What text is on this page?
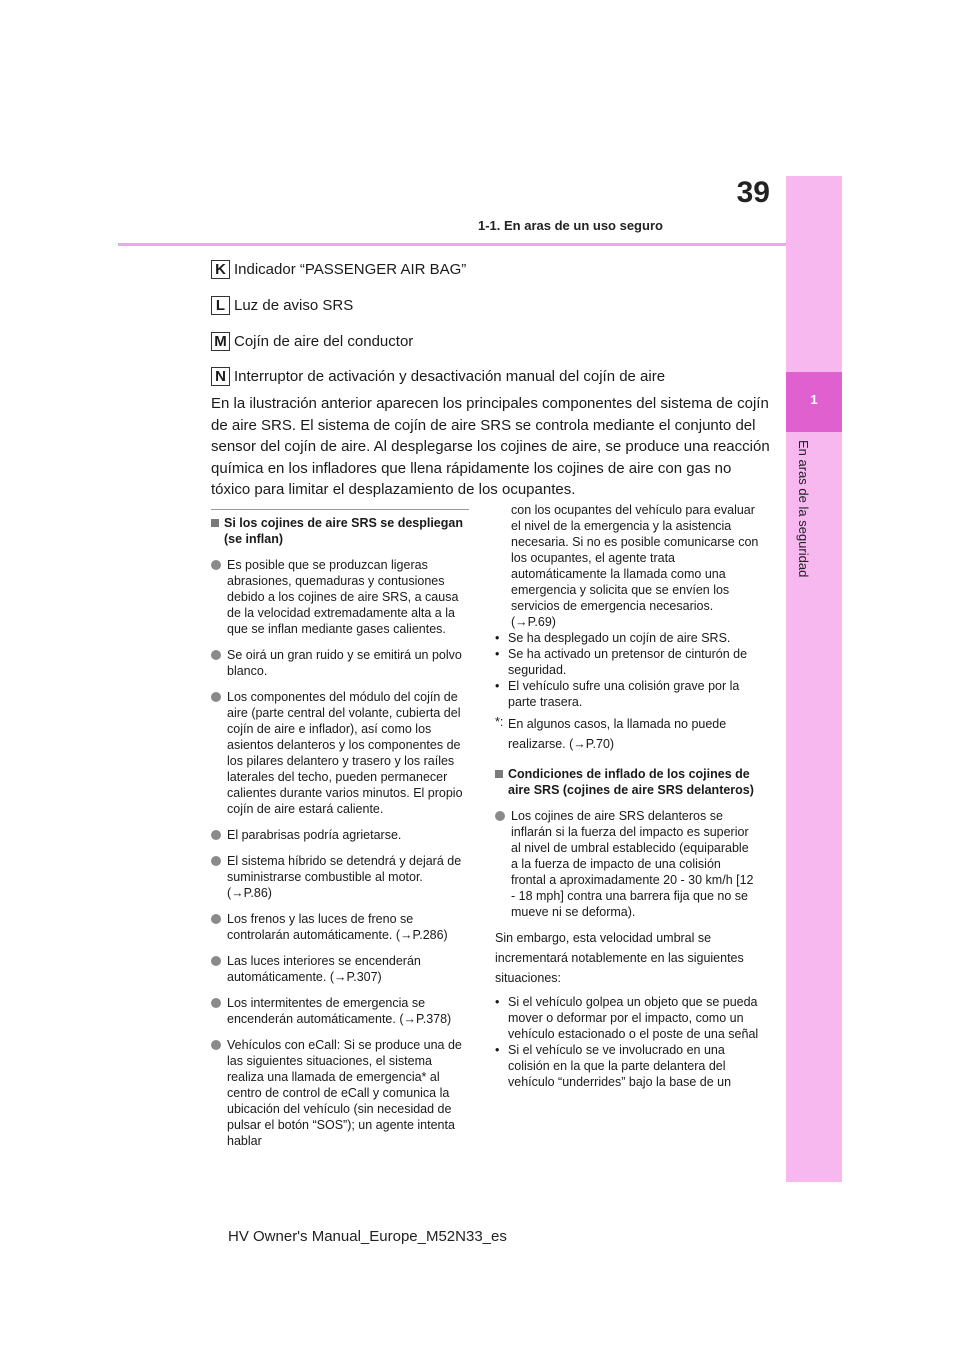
1
En aras de la seguridad
39
1-1. En aras de un uso seguro
K Indicador “PASSENGER AIR BAG”
L Luz de aviso SRS
M Cojín de aire del conductor
N Interruptor de activación y desactivación manual del cojín de aire
En la ilustración anterior aparecen los principales componentes del sistema de cojín de aire SRS. El sistema de cojín de aire SRS se controla mediante el conjunto del sensor del cojín de aire. Al desplegarse los cojines de aire, se produce una reacción química en los infladores que llena rápidamente los cojines de aire con gas no tóxico para limitar el desplazamiento de los ocupantes.

Si los cojines de aire SRS se despliegan (se inflan)

Es posible que se produzcan ligeras abrasiones, quemaduras y contusiones debido a los cojines de aire SRS, a causa de la velocidad extremadamente alta a la que se inflan mediante gases calientes.
Se oirá un gran ruido y se emitirá un polvo blanco.
Los componentes del módulo del cojín de aire (parte central del volante, cubierta del cojín de aire e inflador), así como los asientos delanteros y los componentes de los pilares delantero y trasero y los raíles laterales del techo, pueden permanecer calientes durante varios minutos. El propio cojín de aire estará caliente.
El parabrisas podría agrietarse.
El sistema híbrido se detendrá y dejará de suministrarse combustible al motor. (→P.86)
Los frenos y las luces de freno se controlarán automáticamente. (→P.286)
Las luces interiores se encenderán automáticamente. (→P.307)
Los intermitentes de emergencia se encenderán automáticamente. (→P.378)
Vehículos con eCall: Si se produce una de las siguientes situaciones, el sistema realiza una llamada de emergencia* al centro de control de eCall y comunica la ubicación del vehículo (sin necesidad de pulsar el botón “SOS”); un agente intenta hablar

con los ocupantes del vehículo para evaluar el nivel de la emergencia y la asistencia necesaria. Si no es posible comunicarse con los ocupantes, el agente trata automáticamente la llamada como una emergencia y solicita que se envíen los servicios de emergencia necesarios. (→P.69)

• Se ha desplegado un cojín de aire SRS.
• Se ha activado un pretensor de cinturón de seguridad.
• El vehículo sufre una colisión grave por la parte trasera.
*: En algunos casos, la llamada no puede realizarse. (→P.70)

Condiciones de inflado de los cojines de aire SRS (cojines de aire SRS delanteros)

Los cojines de aire SRS delanteros se inflarán si la fuerza del impacto es superior al nivel de umbral establecido (equiparable a la fuerza de impacto de una colisión frontal a aproximadamente 20 - 30 km/h [12 - 18 mph] contra una barrera fija que no se mueve ni se deforma).

Sin embargo, esta velocidad umbral se incrementará notablemente en las siguientes situaciones:

• Si el vehículo golpea un objeto que se pueda mover o deformar por el impacto, como un vehículo estacionado o el poste de una señal
• Si el vehículo se ve involucrado en una colisión en la que la parte delantera del vehículo “underrides” bajo la base de un
HV Owner's Manual_Europe_M52N33_es
